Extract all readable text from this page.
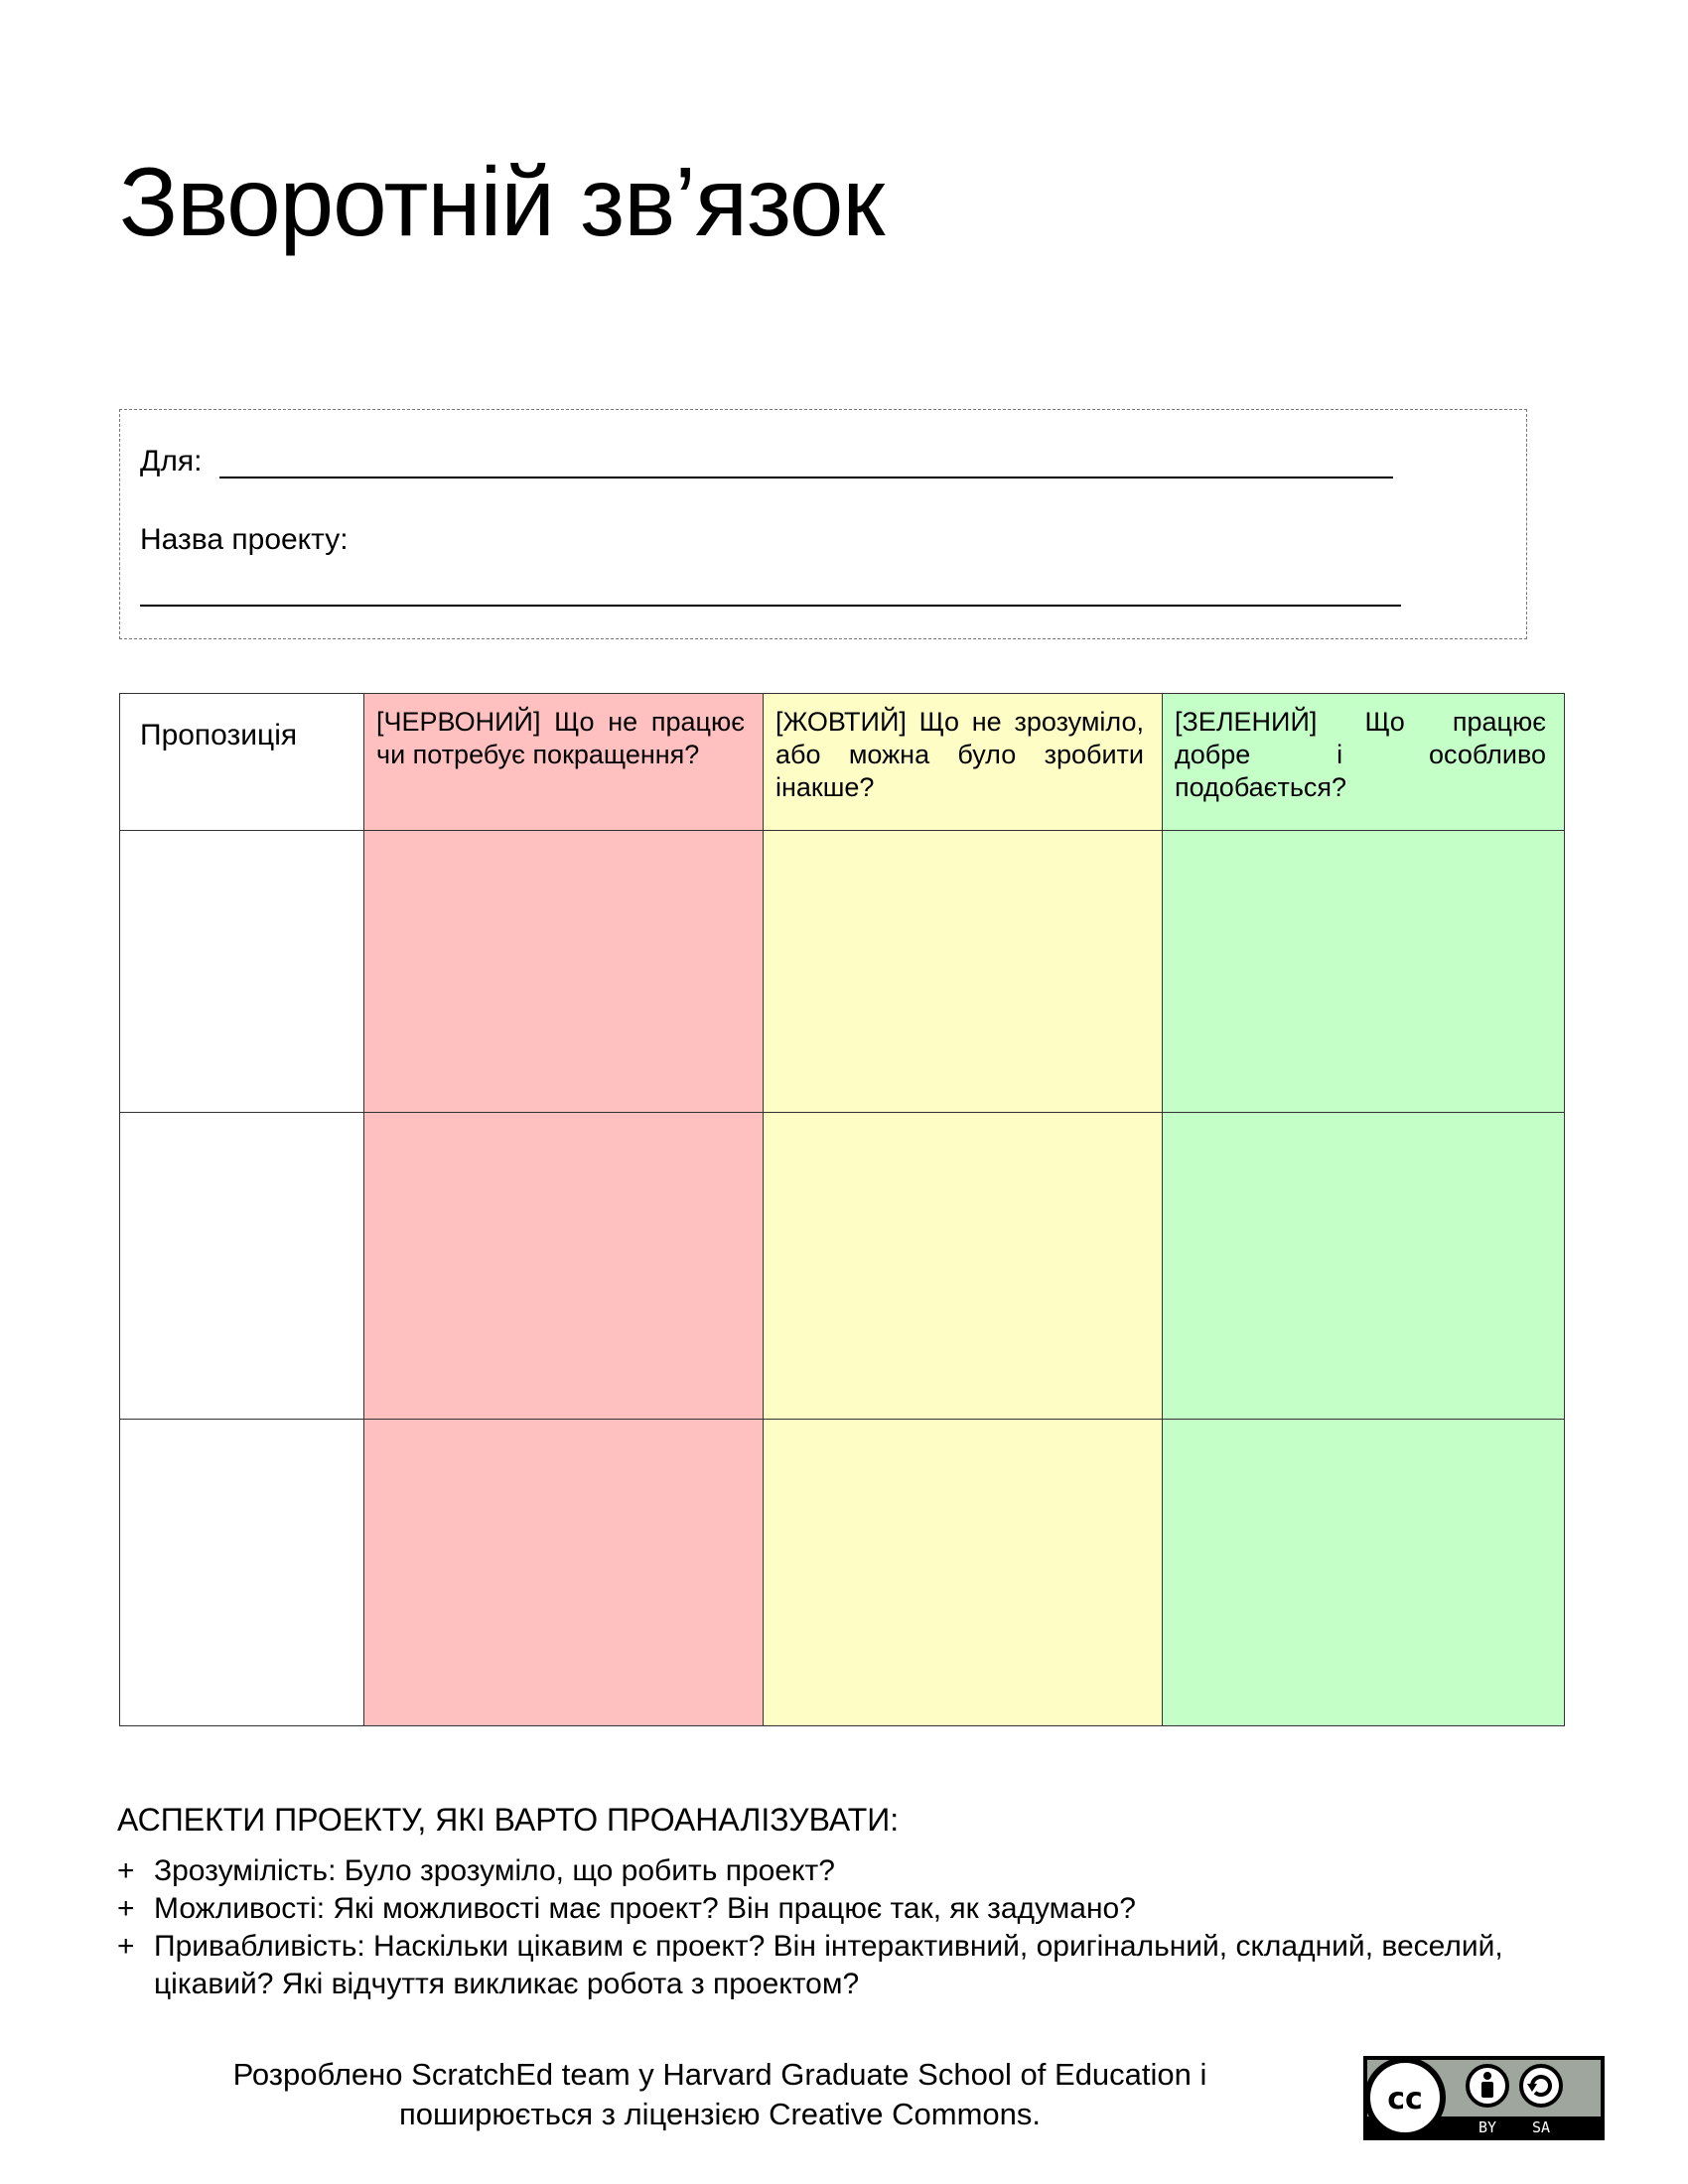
Зворотній зв’язок
Для:
Назва проекту:
Пропозиція	[ЧЕРВОНИЙ] Що не працює чи потребує покращення?	[ЖОВТИЙ] Що не зрозуміло, або можна було зробити інакше?	[ЗЕЛЕНИЙ] Що працює добре і особливо подобається?

АСПЕКТИ ПРОЕКТУ, ЯКІ ВАРТО ПРОАНАЛІЗУВАТИ:
+ Зрозумілість: Було зрозуміло, що робить проект?
+ Можливості: Які можливості має проект? Він працює так, як задумано?
+ Привабливість: Наскільки цікавим є проект? Він інтерактивний, оригінальний, складний, веселий, цікавий? Які відчуття викликає робота з проектом?
Розроблено ScratchEd team у Harvard Graduate School of Education і
поширюється з ліцензією Creative Commons.	cc
BY SA
